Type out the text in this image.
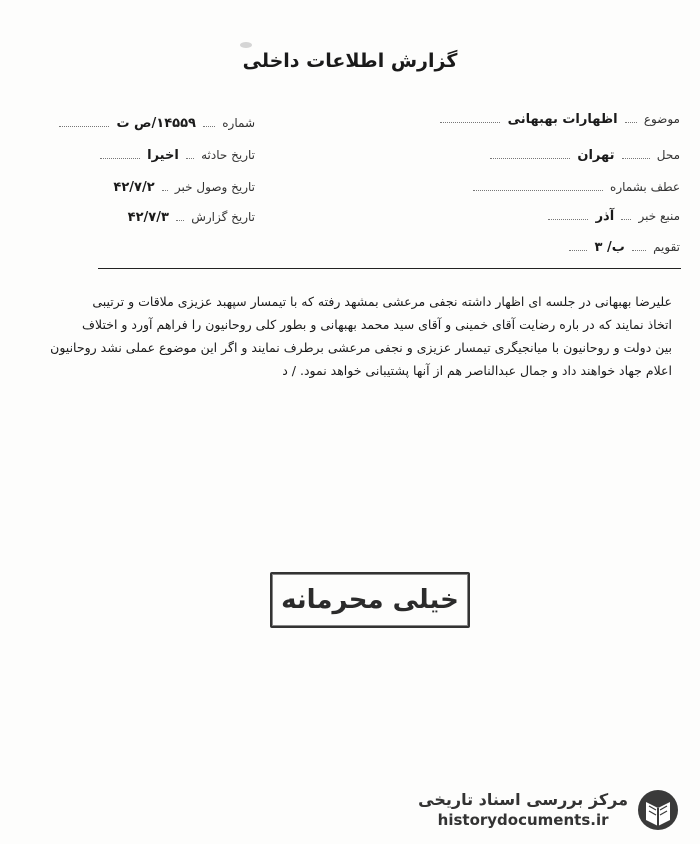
گزارش اطلاعات داخلی
موضوع  اظهارات بهبهانی
محل  تهران
عطف بشماره
منبع خبر  آذر
تقویم  ب/ ۳
شماره  ۱۴۵۵۹/ص ت
تاریخ حادثه  اخیرا
تاریخ وصول خبر  ۴۲/۷/۲
تاریخ گزارش  ۴۲/۷/۳
علیرضا بهبهانی در جلسه ای اظهار داشته نجفی مرعشی بمشهد رفته که با تیمسار سپهبد عزیزی ملاقات و ترتیبی
اتخاذ نمایند که در باره رضایت آقای خمینی و آقای سید محمد بهبهانی و بطور کلی روحانیون را فراهم آورد و اختلاف
بین دولت و روحانیون با میانجیگری تیمسار عزیزی و نجفی مرعشی برطرف نمایند و اگر این موضوع عملی نشد روحانیون
اعلام جهاد خواهند داد و جمال عبدالناصر هم از آنها پشتیبانی خواهد نمود. / د
خیلی محرمانه
مرکز بررسی اسناد تاریخی
historydocuments.ir
